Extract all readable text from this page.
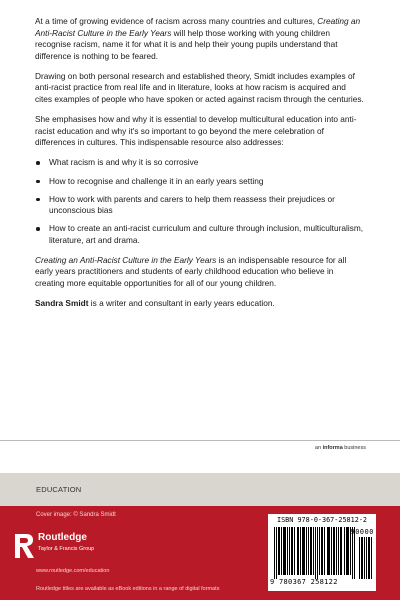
At a time of growing evidence of racism across many countries and cultures, Creating an Anti-Racist Culture in the Early Years will help those working with young children recognise racism, name it for what it is and help their young pupils understand that difference is nothing to be feared.

Drawing on both personal research and established theory, Smidt includes examples of anti-racist practice from real life and in literature, looks at how racism is acquired and cites examples of people who have spoken or acted against racism through the centuries.

She emphasises how and why it is essential to develop multicultural education into anti-racist education and why it's so important to go beyond the mere celebration of differences in cultures. This indispensable resource also addresses:

What racism is and why it is so corrosive
How to recognise and challenge it in an early years setting
How to work with parents and carers to help them reassess their prejudices or unconscious bias
How to create an anti-racist curriculum and culture through inclusion, multiculturalism, literature, art and drama.

Creating an Anti-Racist Culture in the Early Years is an indispensable resource for all early years practitioners and students of early childhood education who believe in creating more equitable opportunities for all of our young children.

Sandra Smidt is a writer and consultant in early years education.

an informa business
EDUCATION
Cover image: © Sandra Smidt
Routledge
Taylor & Francis Group
www.routledge.com/education
Routledge titles are available as eBook editions in a range of digital formats
ISBN 978-0-367-25812-2
90000
9 780367 258122
